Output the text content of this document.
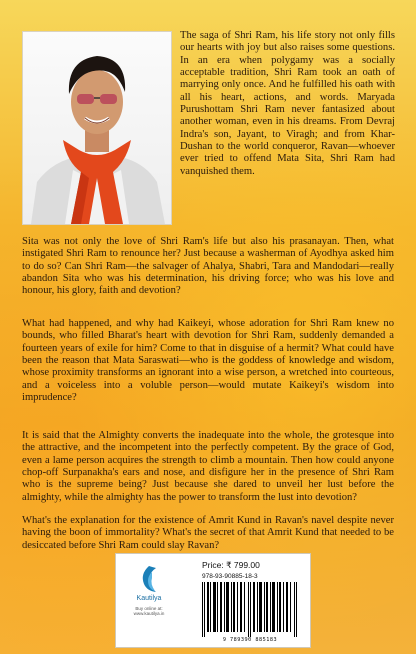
The saga of Shri Ram, his life story not only fills our hearts with joy but also raises some questions. In an era when polygamy was a socially acceptable tradition, Shri Ram took an oath of marrying only once. And he fulfilled his oath with all his heart, actions, and words. Maryada Purushottam Shri Ram never fantasized about another woman, even in his dreams. From Devraj Indra's son, Jayant, to Viragh; and from Khar-Dushan to the world conqueror, Ravan—whoever ever tried to offend Mata Sita, Shri Ram had vanquished them.

Sita was not only the love of Shri Ram's life but also his prasanayan. Then, what instigated Shri Ram to renounce her? Just because a washerman of Ayodhya asked him to do so? Can Shri Ram—the salvager of Ahalya, Shabri, Tara and Mandodari—really abandon Sita who was his determination, his driving force; who was his love and honour, his glory, faith and devotion?

What had happened, and why had Kaikeyi, whose adoration for Shri Ram knew no bounds, who filled Bharat's heart with devotion for Shri Ram, suddenly demanded a fourteen years of exile for him? Come to that in disguise of a hermit? What could have been the reason that Mata Saraswati—who is the goddess of knowledge and wisdom, whose proximity transforms an ignorant into a wise person, a wretched into courteous, and a voiceless into a voluble person—would mutate Kaikeyi's wisdom into imprudence?

It is said that the Almighty converts the inadequate into the whole, the grotesque into the attractive, and the incompetent into the perfectly competent. By the grace of God, even a lame person acquires the strength to climb a mountain. Then how could anyone chop-off Surpanakha's ears and nose, and disfigure her in the presence of Shri Ram who is the supreme being? Just because she dared to unveil her lust before the almighty, while the almighty has the power to transform the lust into devotion?

What's the explanation for the existence of Amrit Kund in Ravan's navel despite never having the boon of immortality? What's the secret of that Amrit Kund that needed to be desiccated before Shri Ram could slay Ravan?

Kautilya
Buy online at:
www.kautilya.in
Price: ₹ 799.00
978-93-90885-18-3
9 789390 885183
